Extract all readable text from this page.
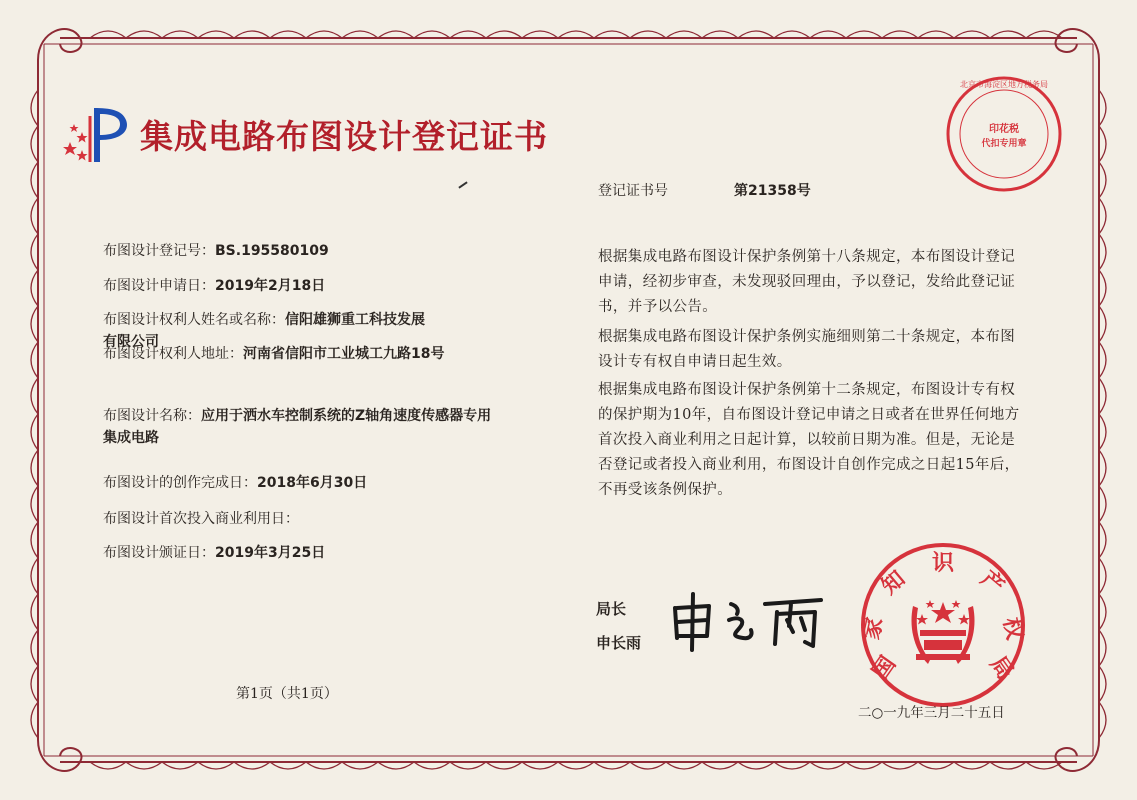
集成电路布图设计登记证书
登记证书号	第21358号
布图设计登记号：BS.195580109
布图设计申请日：2019年2月18日
布图设计权利人姓名或名称：信阳雄狮重工科技发展有限公司
布图设计权利人地址：河南省信阳市工业城工九路18号
布图设计名称：应用于洒水车控制系统的Z轴角速度传感器专用集成电路
布图设计的创作完成日：2018年6月30日
布图设计首次投入商业利用日：
布图设计颁证日：2019年3月25日
根据集成电路布图设计保护条例第十八条规定，本布图设计登记申请，经初步审查，未发现驳回理由，予以登记，发给此登记证书，并予以公告。
根据集成电路布图设计保护条例实施细则第二十条规定，本布图设计专有权自申请日起生效。
根据集成电路布图设计保护条例第十二条规定，布图设计专有权的保护期为10年，自布图设计登记申请之日或者在世界任何地方首次投入商业利用之日起计算，以较前日期为准。但是，无论是否登记或者投入商业利用，布图设计自创作完成之日起15年后，不再受该条例保护。
局长
申长雨
国
家
知
识
产
权
局
北京市海淀区地方税务局
印花税
代扣专用章
二○一九年三月二十五日
第1页（共1页）
